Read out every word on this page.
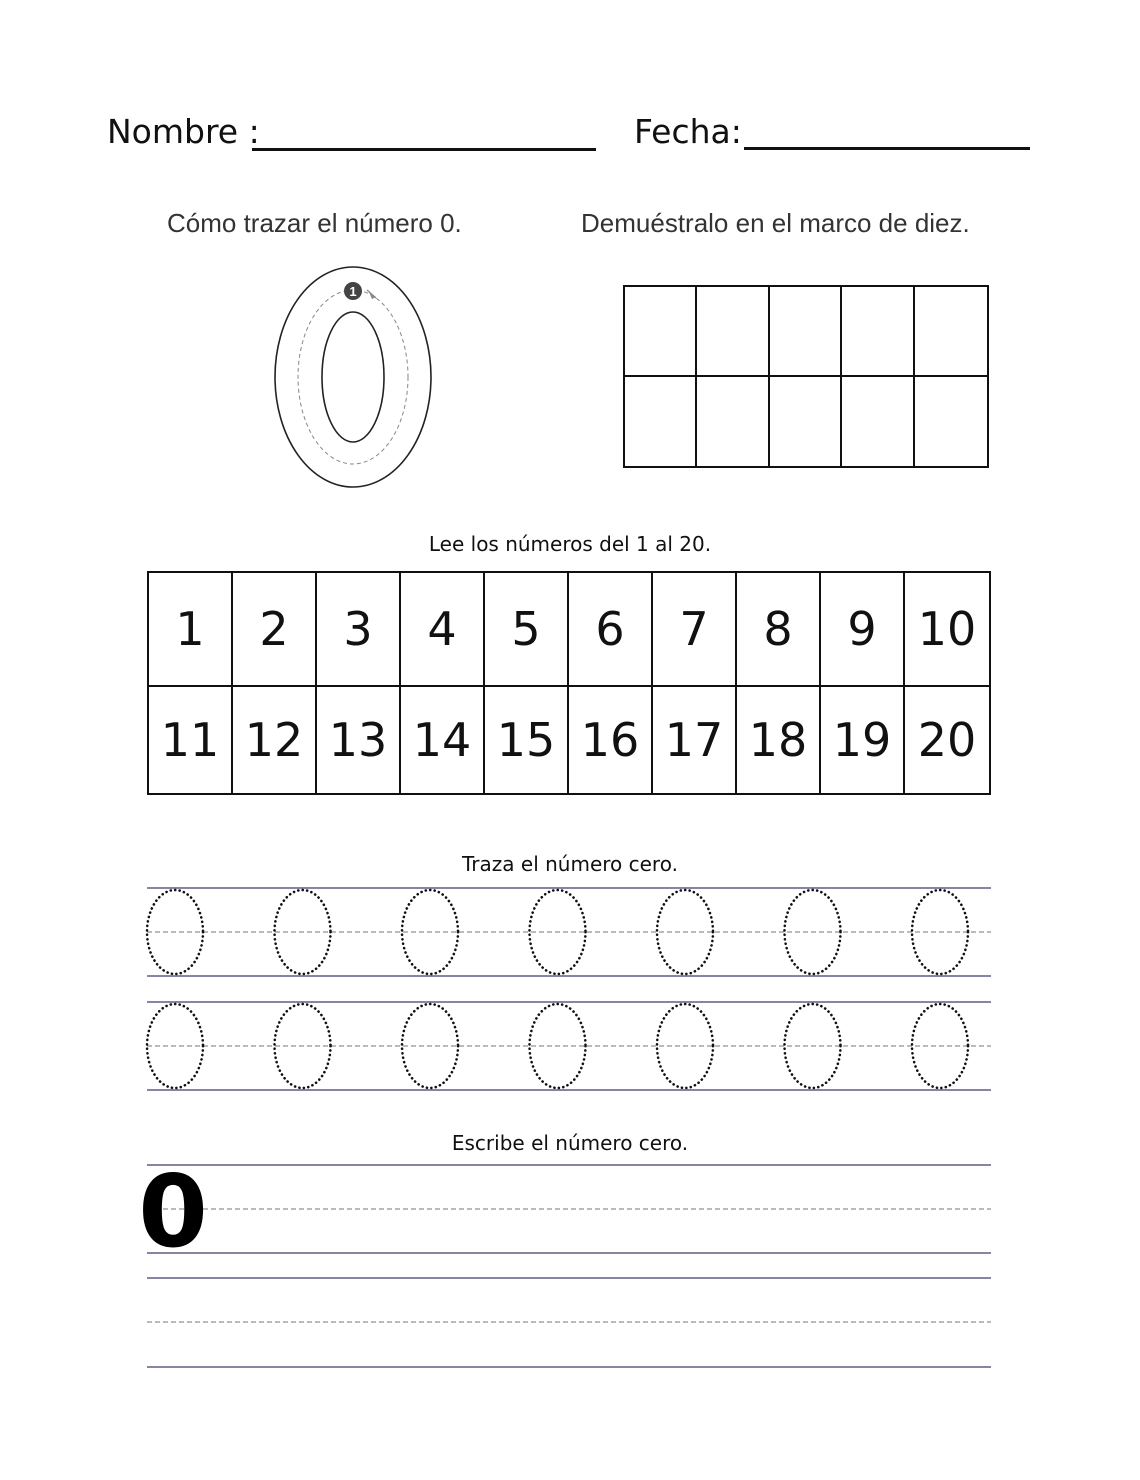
Nombre :	Fecha:
Cómo trazar el número 0.	Demuéstralo en el marco de diez.
1
Lee los números del 1 al 20.
1	2	3	4	5	6	7	8	9 10
11 12 13 14 15 16 17 18 19 20
Traza el número cero.
Escribe el número cero.
0
